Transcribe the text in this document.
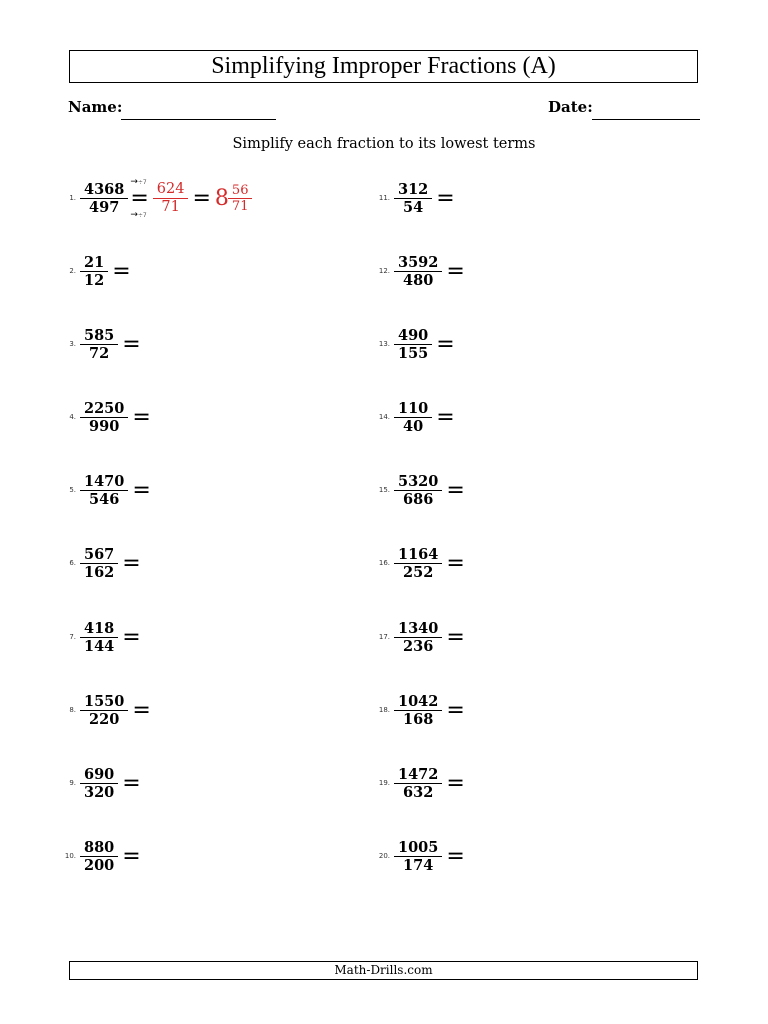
Simplifying Improper Fractions (A)
Name:	Date:
Simplify each fraction to its lowest terms
1. $\frac{4368}{497} \to\div 7$
=
$\to\div 7 \frac{624}{71} = 8 \frac{56}{71}$
2. $\frac{21}{12}$ =
3. $\frac{585}{72}$ =
4. $\frac{2250}{990}$ =
5. $\frac{1470}{546}$ =
6. $\frac{567}{162}$ =
7. $\frac{418}{144}$ =
8. $\frac{1550}{220}$ =
9. $\frac{690}{320}$ =
10. $\frac{880}{200}$ =
11. $\frac{312}{54}$ =
12. $\frac{3592}{480}$ =
13. $\frac{490}{155}$ =
14. $\frac{110}{40}$ =
15. $\frac{5320}{686}$ =
16. $\frac{1164}{252}$ =
17. $\frac{1340}{236}$ =
18. $\frac{1042}{168}$ =
19. $\frac{1472}{632}$ =
20. $\frac{1005}{174}$ =
Math-Drills.com
